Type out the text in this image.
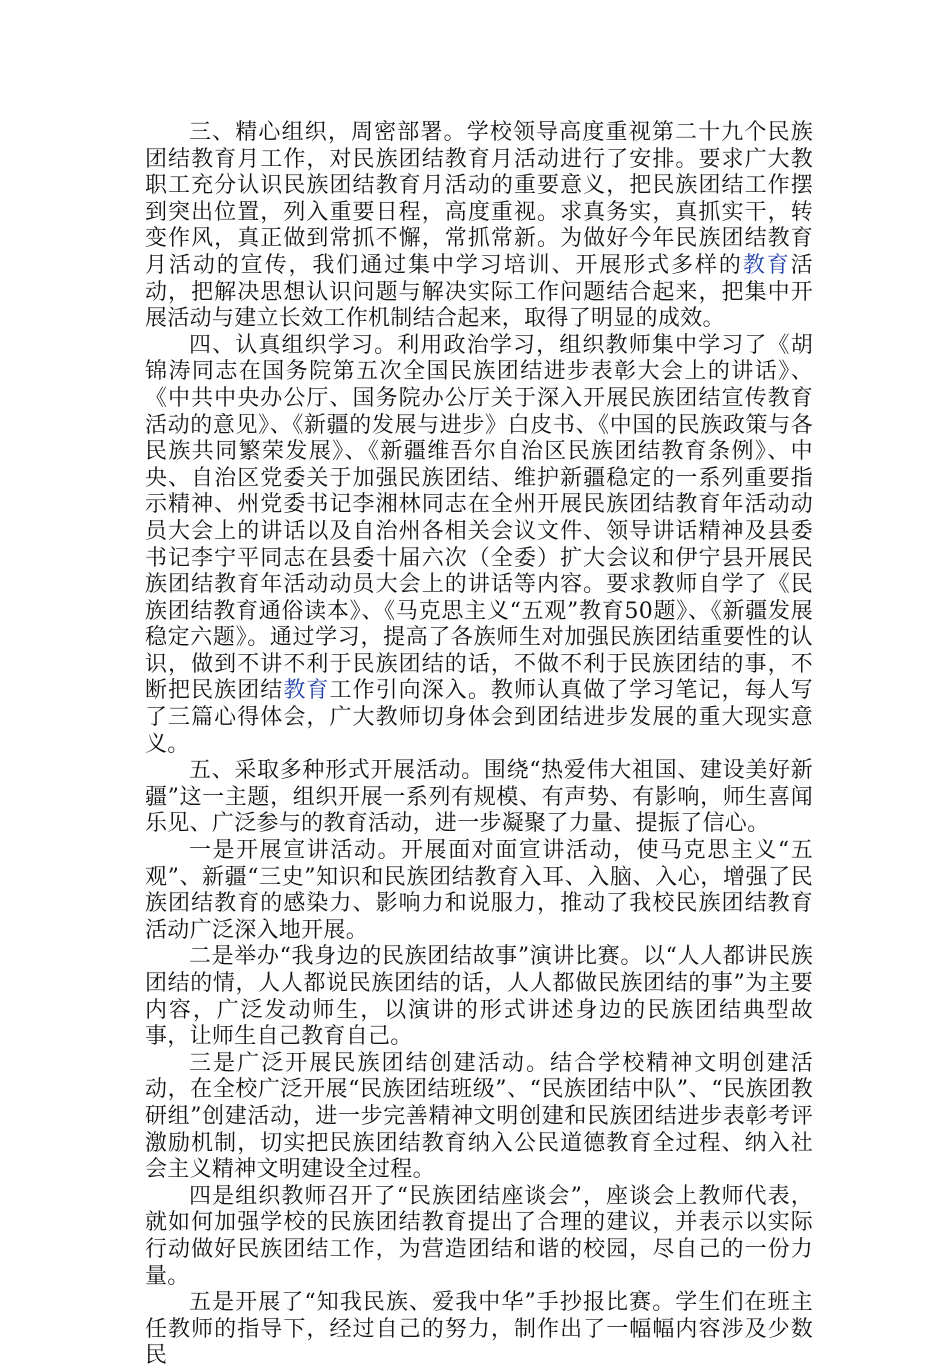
三、精心组织，周密部署。学校领导高度重视第二十九个民族团结教育月工作，对民族团结教育月活动进行了安排。要求广大教职工充分认识民族团结教育月活动的重要意义，把民族团结工作摆到突出位置，列入重要日程，高度重视。求真务实，真抓实干，转变作风，真正做到常抓不懈，常抓常新。为做好今年民族团结教育月活动的宣传，我们通过集中学习培训、开展形式多样的教育活动，把解决思想认识问题与解决实际工作问题结合起来，把集中开展活动与建立长效工作机制结合起来，取得了明显的成效。

四、认真组织学习。利用政治学习，组织教师集中学习了《胡锦涛同志在国务院第五次全国民族团结进步表彰大会上的讲话》、《中共中央办公厅、国务院办公厅关于深入开展民族团结宣传教育活动的意见》、《新疆的发展与进步》白皮书、《中国的民族政策与各民族共同繁荣发展》、《新疆维吾尔自治区民族团结教育条例》、中央、自治区党委关于加强民族团结、维护新疆稳定的一系列重要指示精神、州党委书记李湘林同志在全州开展民族团结教育年活动动员大会上的讲话以及自治州各相关会议文件、领导讲话精神及县委书记李宁平同志在县委十届六次（全委）扩大会议和伊宁县开展民族团结教育年活动动员大会上的讲话等内容。要求教师自学了《民族团结教育通俗读本》、《马克思主义“五观”教育50题》、《新疆发展稳定六题》。通过学习，提高了各族师生对加强民族团结重要性的认识，做到不讲不利于民族团结的话，不做不利于民族团结的事，不断把民族团结教育工作引向深入。教师认真做了学习笔记，每人写了三篇心得体会，广大教师切身体会到团结进步发展的重大现实意义。

五、采取多种形式开展活动。围绕“热爱伟大祖国、建设美好新疆”这一主题，组织开展一系列有规模、有声势、有影响，师生喜闻乐见、广泛参与的教育活动，进一步凝聚了力量、提振了信心。

一是开展宣讲活动。开展面对面宣讲活动，使马克思主义“五观”、新疆“三史”知识和民族团结教育入耳、入脑、入心，增强了民族团结教育的感染力、影响力和说服力，推动了我校民族团结教育活动广泛深入地开展。

二是举办“我身边的民族团结故事”演讲比赛。以“人人都讲民族团结的情，人人都说民族团结的话，人人都做民族团结的事”为主要内容，广泛发动师生，以演讲的形式讲述身边的民族团结典型故事，让师生自己教育自己。

三是广泛开展民族团结创建活动。结合学校精神文明创建活动，在全校广泛开展“民族团结班级”、“民族团结中队”、“民族团教研组”创建活动，进一步完善精神文明创建和民族团结进步表彰考评激励机制，切实把民族团结教育纳入公民道德教育全过程、纳入社会主义精神文明建设全过程。

四是组织教师召开了“民族团结座谈会”，座谈会上教师代表，就如何加强学校的民族团结教育提出了合理的建议，并表示以实际行动做好民族团结工作，为营造团结和谐的校园，尽自己的一份力量。

五是开展了“知我民族、爱我中华”手抄报比赛。学生们在班主任教师的指导下，经过自己的努力，制作出了一幅幅内容涉及少数民
